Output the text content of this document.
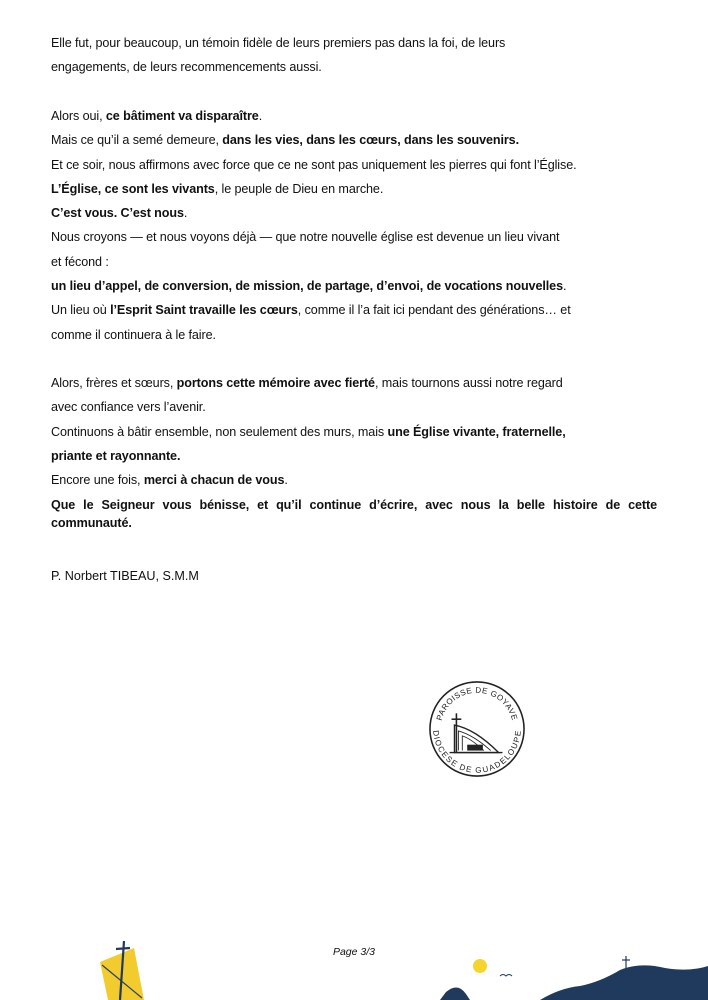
Elle fut, pour beaucoup, un témoin fidèle de leurs premiers pas dans la foi, de leurs
engagements, de leurs recommencements aussi.
Alors oui, ce bâtiment va disparaître.
Mais ce qu’il a semé demeure, dans les vies, dans les cœurs, dans les souvenirs.
Et ce soir, nous affirmons avec force que ce ne sont pas uniquement les pierres qui font l’Église.
L’Église, ce sont les vivants, le peuple de Dieu en marche.
C’est vous. C’est nous.
Nous croyons — et nous voyons déjà — que notre nouvelle église est devenue un lieu vivant
et fécond :
un lieu d’appel, de conversion, de mission, de partage, d’envoi, de vocations nouvelles.
Un lieu où l’Esprit Saint travaille les cœurs, comme il l’a fait ici pendant des générations… et
comme il continuera à le faire.
Alors, frères et sœurs, portons cette mémoire avec fierté, mais tournons aussi notre regard
avec confiance vers l’avenir.
Continuons à bâtir ensemble, non seulement des murs, mais une Église vivante, fraternelle,
priante et rayonnante.
Encore une fois, merci à chacun de vous.
Que le Seigneur vous bénisse, et qu’il continue d’écrire, avec nous la belle histoire de cette communauté.
P. Norbert TIBEAU, S.M.M
PAROISSE DE GOYAVE
DIOCESE DE GUADELOUPE
Page 3/3
